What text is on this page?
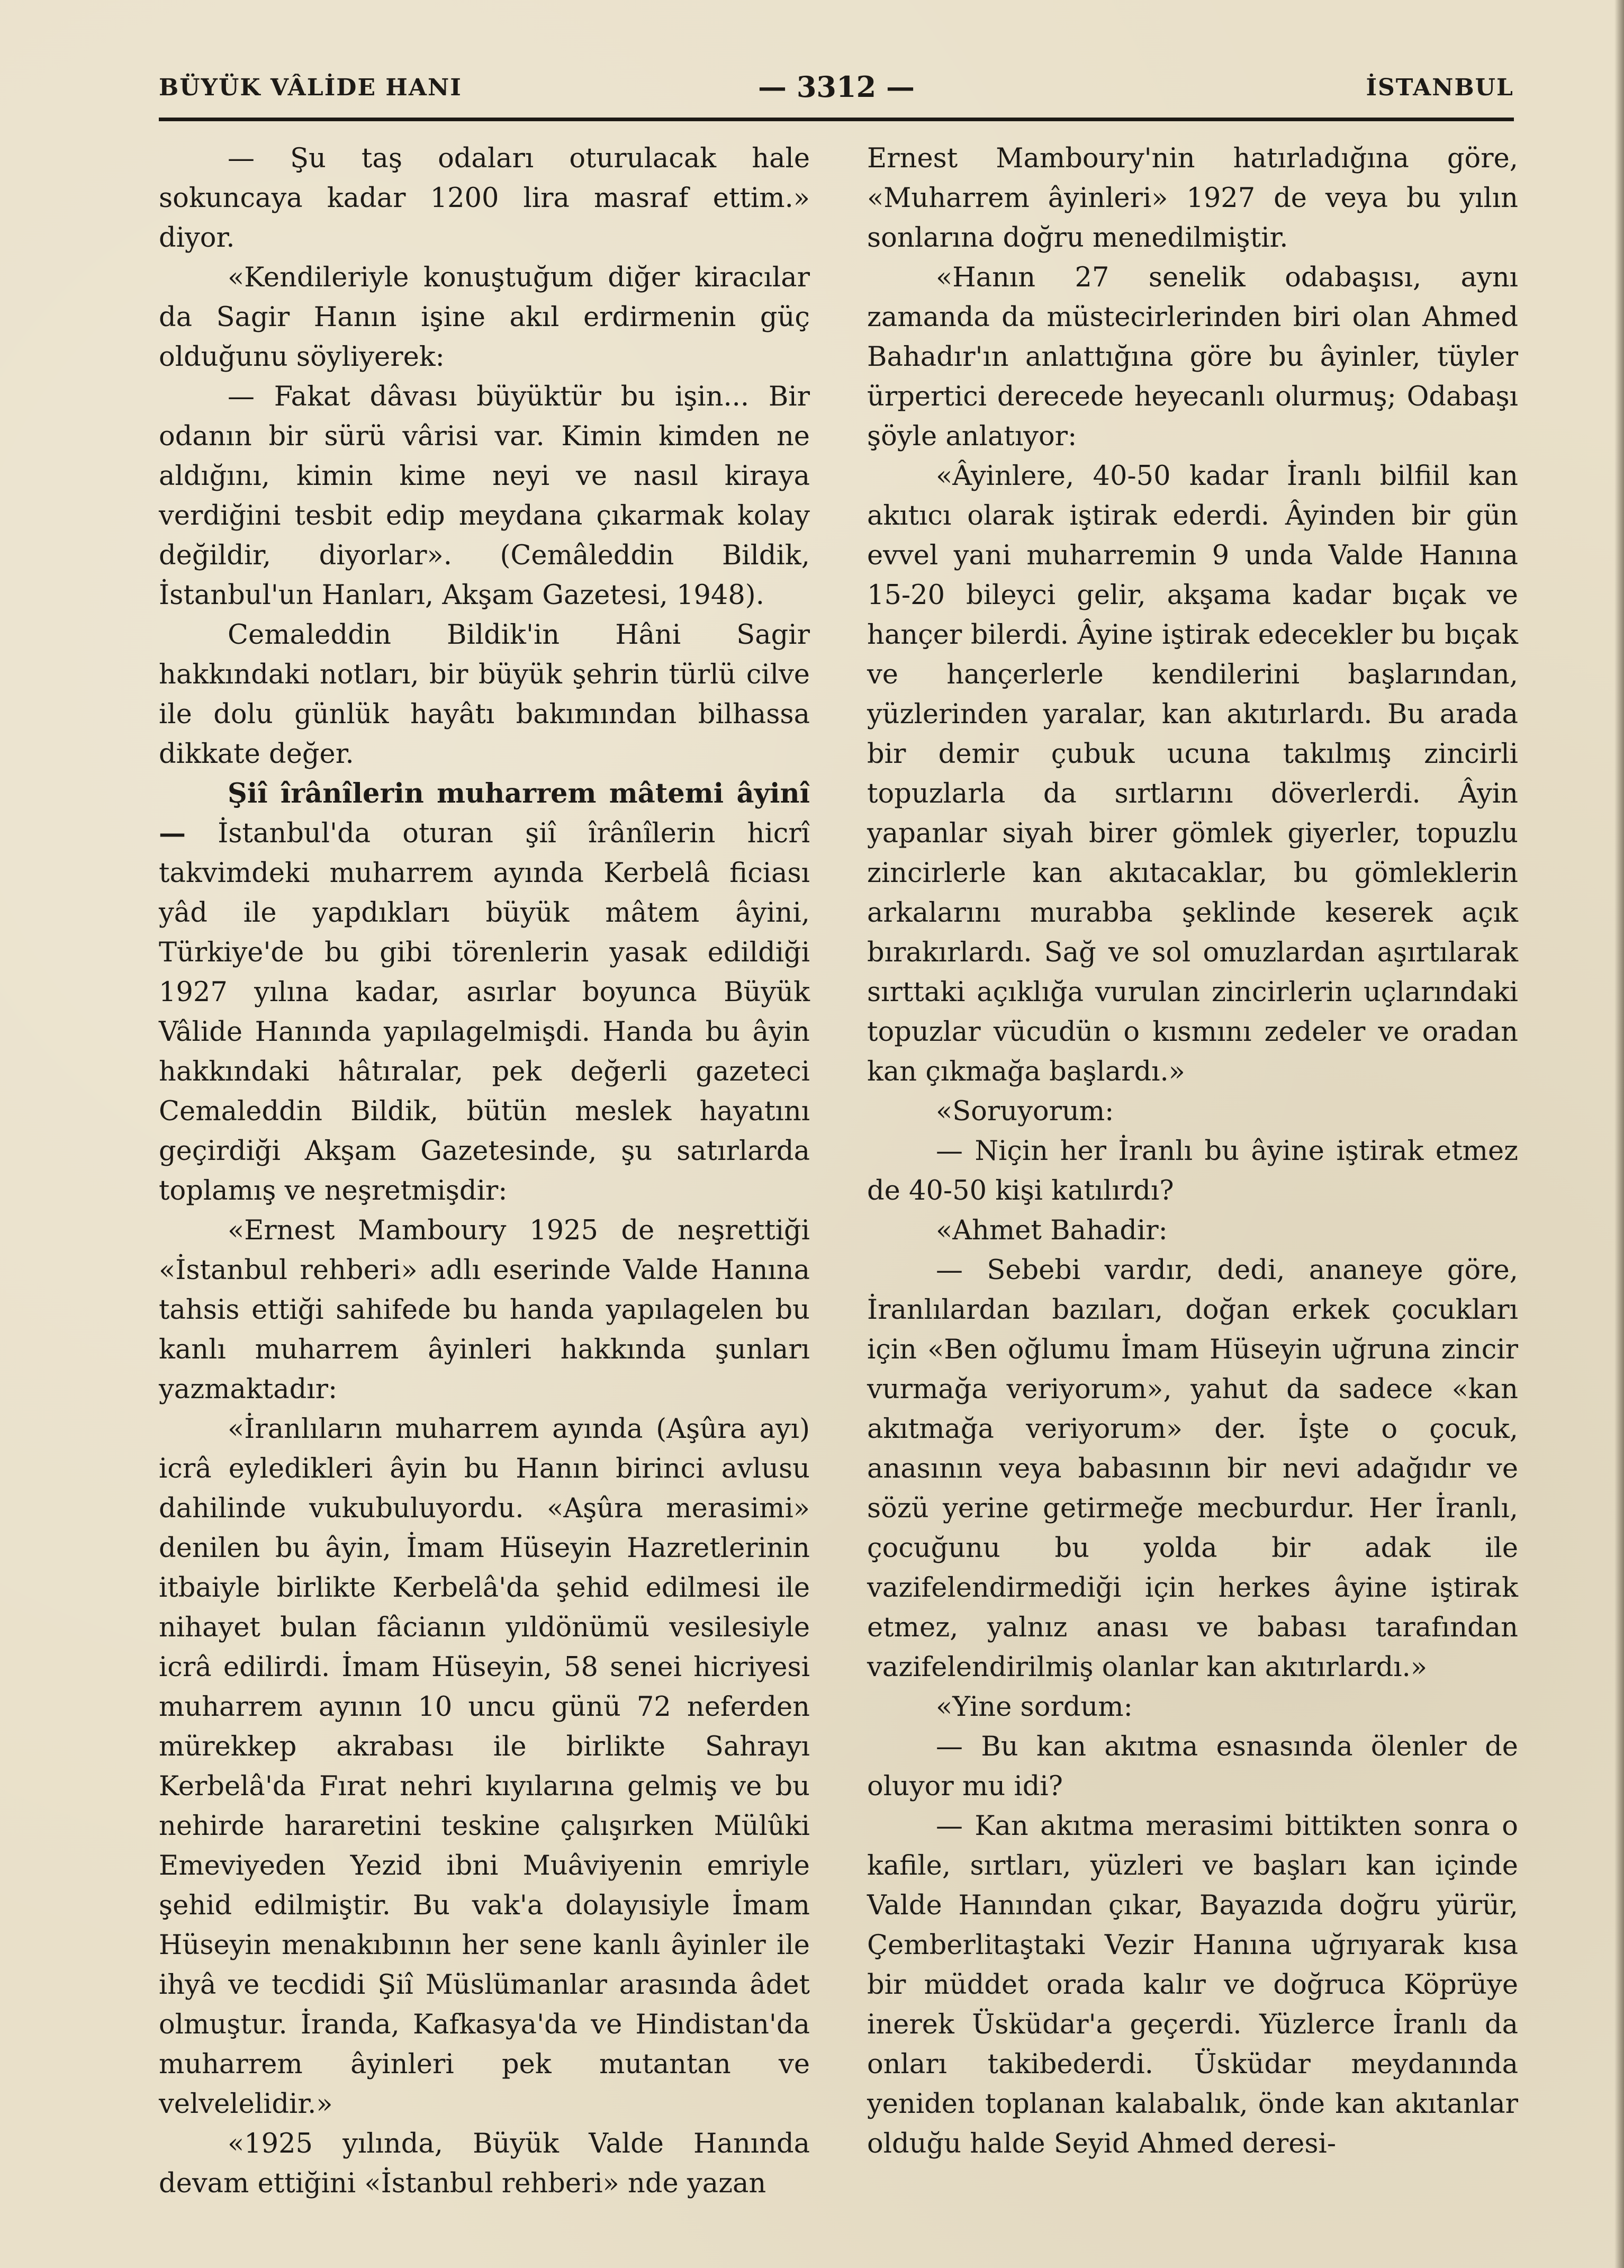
BÜYÜK VÂLİDE HANI	— 3312 —	İSTANBUL

— Şu taş odaları oturulacak hale sokuncaya kadar 1200 lira masraf ettim.» diyor.

«Kendileriyle konuştuğum diğer kiracılar da Sagir Hanın işine akıl erdirmenin güç olduğunu söyliyerek:

— Fakat dâvası büyüktür bu işin... Bir odanın bir sürü vârisi var. Kimin kimden ne aldığını, kimin kime neyi ve nasıl kiraya verdiğini tesbit edip meydana çıkarmak kolay değildir, diyorlar». (Cemâleddin Bildik, İstanbul'un Hanları, Akşam Gazetesi, 1948).

Cemaleddin Bildik'in Hâni Sagir hakkındaki notları, bir büyük şehrin türlü cilve ile dolu günlük hayâtı bakımından bilhassa dikkate değer.

Şiî îrânîlerin muharrem mâtemi âyinî — İstanbul'da oturan şiî îrânîlerin hicrî takvimdeki muharrem ayında Kerbelâ ficiası yâd ile yapdıkları büyük mâtem âyini, Türkiye'de bu gibi törenlerin yasak edildiği 1927 yılına kadar, asırlar boyunca Büyük Vâlide Hanında yapılagelmişdi. Handa bu âyin hakkındaki hâtıralar, pek değerli gazeteci Cemaleddin Bildik, bütün meslek hayatını geçirdiği Akşam Gazetesinde, şu satırlarda toplamış ve neşretmişdir:

«Ernest Mamboury 1925 de neşrettiği «İstanbul rehberi» adlı eserinde Valde Hanına tahsis ettiği sahifede bu handa yapılagelen bu kanlı muharrem âyinleri hakkında şunları yazmaktadır:

«İranlıların muharrem ayında (Aşûra ayı) icrâ eyledikleri âyin bu Hanın birinci avlusu dahilinde vukubuluyordu. «Aşûra merasimi» denilen bu âyin, İmam Hüseyin Hazretlerinin itbaiyle birlikte Kerbelâ'da şehid edilmesi ile nihayet bulan fâcianın yıldönümü vesilesiyle icrâ edilirdi. İmam Hüseyin, 58 senei hicriyesi muharrem ayının 10 uncu günü 72 neferden mürekkep akrabası ile birlikte Sahrayı Kerbelâ'da Fırat nehri kıyılarına gelmiş ve bu nehirde hararetini teskine çalışırken Mülûki Emeviyeden Yezid ibni Muâviyenin emriyle şehid edilmiştir. Bu vak'a dolayısiyle İmam Hüseyin menakıbının her sene kanlı âyinler ile ihyâ ve tecdidi Şiî Müslümanlar arasında âdet olmuştur. İranda, Kafkasya'da ve Hindistan'da muharrem âyinleri pek mutantan ve velvelelidir.»

«1925 yılında, Büyük Valde Hanında devam ettiğini «İstanbul rehberi» nde yazan

Ernest Mamboury'nin hatırladığına göre, «Muharrem âyinleri» 1927 de veya bu yılın sonlarına doğru menedilmiştir.

«Hanın 27 senelik odabaşısı, aynı zamanda da müstecirlerinden biri olan Ahmed Bahadır'ın anlattığına göre bu âyinler, tüyler ürpertici derecede heyecanlı olurmuş; Odabaşı şöyle anlatıyor:

«Âyinlere, 40-50 kadar İranlı bilfiil kan akıtıcı olarak iştirak ederdi. Âyinden bir gün evvel yani muharremin 9 unda Valde Hanına 15-20 bileyci gelir, akşama kadar bıçak ve hançer bilerdi. Âyine iştirak edecekler bu bıçak ve hançerlerle kendilerini başlarından, yüzlerinden yaralar, kan akıtırlardı. Bu arada bir demir çubuk ucuna takılmış zincirli topuzlarla da sırtlarını döverlerdi. Âyin yapanlar siyah birer gömlek giyerler, topuzlu zincirlerle kan akıtacaklar, bu gömleklerin arkalarını murabba şeklinde keserek açık bırakırlardı. Sağ ve sol omuzlardan aşırtılarak sırttaki açıklığa vurulan zincirlerin uçlarındaki topuzlar vücudün o kısmını zedeler ve oradan kan çıkmağa başlardı.»

«Soruyorum:

— Niçin her İranlı bu âyine iştirak etmez de 40-50 kişi katılırdı?

«Ahmet Bahadir:

— Sebebi vardır, dedi, ananeye göre, İranlılardan bazıları, doğan erkek çocukları için «Ben oğlumu İmam Hüseyin uğruna zincir vurmağa veriyorum», yahut da sadece «kan akıtmağa veriyorum» der. İşte o çocuk, anasının veya babasının bir nevi adağıdır ve sözü yerine getirmeğe mecburdur. Her İranlı, çocuğunu bu yolda bir adak ile vazifelendirmediği için herkes âyine iştirak etmez, yalnız anası ve babası tarafından vazifelendirilmiş olanlar kan akıtırlardı.»

«Yine sordum:

— Bu kan akıtma esnasında ölenler de oluyor mu idi?

— Kan akıtma merasimi bittikten sonra o kafile, sırtları, yüzleri ve başları kan içinde Valde Hanından çıkar, Bayazıda doğru yürür, Çemberlitaştaki Vezir Hanına uğrıyarak kısa bir müddet orada kalır ve doğruca Köprüye inerek Üsküdar'a geçerdi. Yüzlerce İranlı da onları takibederdi. Üsküdar meydanında yeniden toplanan kalabalık, önde kan akıtanlar olduğu halde Seyid Ahmed deresi-
